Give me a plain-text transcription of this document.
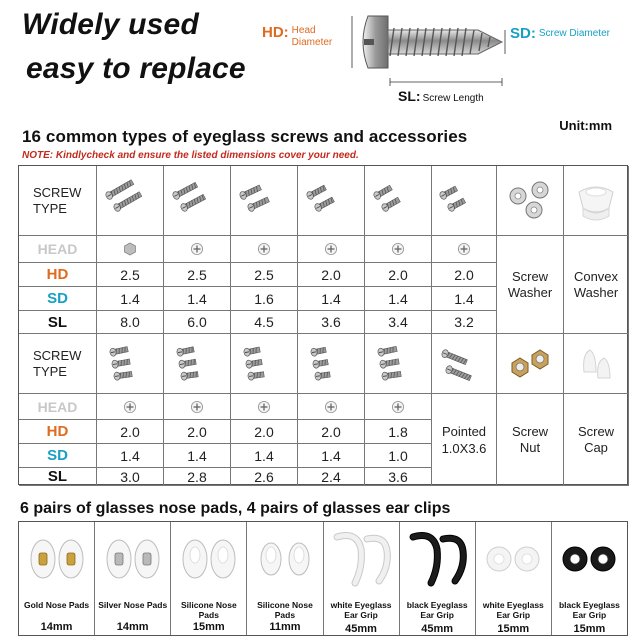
Widely used
easy to replace
HD: Head Diameter
SD: Screw Diameter
SL: Screw Length
Unit:mm
16 common types of eyeglass screws and accessories
NOTE: Kindlycheck and ensure the listed dimensions cover your need.
SCREW
TYPE
HEAD
HD	2.5	2.5	2.5	2.0	2.0	2.0
SD	1.4	1.4	1.6	1.4	1.4	1.4
SL	8.0	6.0	4.5	3.6	3.4	3.2
Screw
Washer
Convex
Washer
SCREW
TYPE
HEAD
HD	2.0	2.0	2.0	2.0	1.8
SD	1.4	1.4	1.4	1.4	1.0
SL	3.0	2.8	2.6	2.4	3.6
Pointed
1.0X3.6
Screw
Nut
Screw
Cap
6 pairs of glasses nose pads, 4 pairs of glasses ear clips
Gold Nose Pads
14mm
Silver Nose Pads
14mm
Silicone Nose Pads
15mm
Silicone Nose Pads
11mm
white Eyeglass
Ear Grip
45mm
black Eyeglass
Ear Grip
45mm
white Eyeglass
Ear Grip
15mm
black Eyeglass
Ear Grip
15mm
